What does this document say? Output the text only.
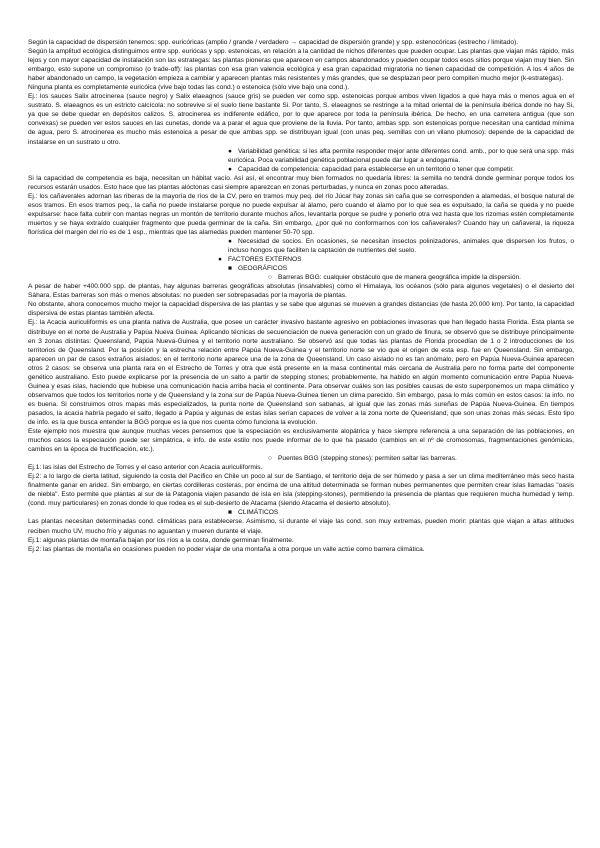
Según la capacidad de dispersión tenemos: spp. euricóricas (amplio / grande / verdadero → capacidad de dispersión grande) y spp. estenocóricas (estrecho / limitado).

Según la amplitud ecológica distinguimos entre spp. euriócas y spp. estenoicas, en relación a la cantidad de nichos diferentes que pueden ocupar. Las plantas que viajan más rápido, más lejos y con mayor capacidad de instalación son las estrategas: las plantas pioneras que aparecen en campos abandonados y pueden ocupar todos esos sitios porque viajan muy bien. Sin embargo, esto supone un compromiso (o trade-off): las plantas con esa gran valencia ecológica y esa gran capacidad migratoria no tienen capacidad de competición. A los 4 años de haber abandonado un campo, la vegetación empieza a cambiar y aparecen plantas más resistentes y más grandes, que se desplazan peor pero compiten mucho mejor (k-estrategas).

Ninguna planta es completamente euricóica (vive bajo todas las cond.) o estenoica (sólo vive bajo una cond.).

Ej.: los sauces Salix atrocinerea (sauce negro) y Salix elaeagnos (sauce gris) se pueden ver como spp. estenoicas porque ambos viven ligados a que haya más o menos agua en el sustrato. S. elaeagnos es un estricto calcícola: no sobrevive si el suelo tiene bastante Si. Por tanto, S. elaeagnos se restringe a la mitad oriental de la península ibérica donde no hay Si, ya que se debe quedar en depósitos calizos. S. atrocinerea es indiferente edáfico, por lo que aparece por toda la península ibérica. De hecho, en una carretera antigua (que son convexas) se pueden ver estos sauces en las cunetas, donde va a parar el agua que proviene de la lluvia. Por tanto, ambas spp. son estenoicas porque necesitan una cantidad mínima de agua, pero S. atrocinerea es mucho más estenoica a pesar de que ambas spp. se distribuyan igual (con unas peq. semillas con un vilano plumoso): depende de la capacidad de instalarse en un sustrato u otro.

● Variabilidad genética: si les afta permite responder mejor ante diferentes cond. amb., por lo que será una spp. más euricóica. Poca variabilidad genética poblacional puede dar lugar a endogamia.

● Capacidad de competencia: capacidad para establecerse en un territorio o tener que competir.

Si la capacidad de competencia es baja, necesitan un hábitat vacío. Así así, el encontrar muy bien formados no quedaría libres: la semilla no tendrá donde germinar porque todos los recursos estarán usados. Esto hace que las plantas alóctonas casi siempre aparezcan en zonas perturbadas, y nunca en zonas poco alteradas.

Ej.: los cañaverales adornan las riberas de la mayoría de ríos de la CV, pero en tramos muy peq. del río Júcar hay zonas sin caña que se corresponden a alamedas, el bosque natural de esos tramos. En esos tramos peq., la caña no puede instalarse porque no puede expulsar al álamo, pero cuando el álamo por lo que sea es expulsado, la caña se queda y no puede expulsarse: hace falta cubrir con mantas negras un montón de territorio durante muchos años, levantarla porque se pudre y ponerlo otra vez hasta que los rizomas estén completamente muertos y se haya extraído cualquier fragmento que pueda germinar de la caña. Sin embargo, ¿por qué no conformarnos con los cañaverales? Cuando hay un cañaveral, la riqueza florística del margen del río es de 1 esp., mientras que las alamedas pueden mantener 50-70 spp.

● Necesidad de socios. En ocasiones, se necesitan insectos polinizadores, animales que dispersen los frutos, o incluso hongos que faciliten la captación de nutrientes del suelo.

● FACTORES EXTERNOS

■ GEOGRÁFICOS

○ Barreras BGG: cualquier obstáculo que de manera geográfica impide la dispersión.

A pesar de haber +400.000 spp. de plantas, hay algunas barreras geográficas absolutas (insalvables) como el Himalaya, los océanos (sólo para algunos vegetales) o el desierto del Sáhara. Estas barreras son más o menos absolutas: no pueden ser sobrepasadas por la mayoría de plantas.

No obstante, ahora conocemos mucho mejor la capacidad dispersiva de las plantas y se sabe que algunas se mueven a grandes distancias (de hasta 20.000 km). Por tanto, la capacidad dispersiva de estas plantas también afecta.

Ej.: la Acacia auriculiformis es una planta nativa de Australia, que posee un carácter invasivo bastante agresivo en poblaciones invasoras que han llegado hasta Florida. Esta planta se distribuye en el norte de Australia y Papúa Nueva Guinea. Aplicando técnicas de secuenciación de nueva generación con un grado de finura, se observó que se distribuye principalmente en 3 zonas distintas: Queensland, Papúa Nueva-Guinea y el territorio norte australiano. Se observó así que todas las plantas de Florida procedían de 1 o 2 introducciones de los territorios de Queensland. Por la posición y la estrecha relación entre Papúa Nueva-Guinea y el territorio norte se vio que el origen de esta esp. fue en Queensland. Sin embargo, aparecen un par de casos extraños aislados: en el territorio norte aparece una de la zona de Queensland. Un caso aislado no es tan anómalo, pero en Papúa Nueva-Guinea aparecen otros 2 casos: se observa una planta rara en el Estrecho de Torres y otra que está presente en la masa continental más cercana de Australia pero no forma parte del componente genético australiano. Esto puede explicarse por la presencia de un salto a partir de stepping stones; probablemente, ha habido en algún momento comunicación entre Papúa Nueva-Guinea y esas islas, haciendo que hubiese una comunicación hacia arriba hacia el continente. Para observar cuáles son las posibles causas de esto superponemos un mapa climático y observamos que todos los territorios norte y de Queensland y la zona sur de Papúa Nueva-Guinea tienen un clima parecido. Sin embargo, pasa lo más común en estos casos: la info. no es buena. Si construimos otros mapas más especializados, la punta norte de Queensland son sabanas, al igual que las zonas más sureñas de Papúa Nueva-Guinea. En tiempos pasados, la acacia habría pegado el salto, llegado a Papúa y algunas de estas islas serían capaces de volver a la zona norte de Queensland, que son unas zonas más secas. Esto tipo de info. es la que busca entender la BGG porque es la que nos cuenta cómo funciona la evolución.

Este ejemplo nos muestra que aunque muchas veces pensemos que la especiación es exclusivamente alopátrica y hace siempre referencia a una separación de las poblaciones, en muchos casos la especiación puede ser simpátrica, e info. de este estilo nos puede informar de lo que ha pasado (cambios en el nº de cromosomas, fragmentaciones genómicas, cambios en la época de fructificación, etc.).

○ Puentes BGG (stepping stones): permiten saltar las barreras.

Ej.1: las islas del Estrecho de Torres y el caso anterior con Acacia auriculiformis.

Ej.2: a lo largo de cierta latitud, siguiendo la costa del Pacífico en Chile un poco al sur de Santiago, el territorio deja de ser húmedo y pasa a ser un clima mediterráneo más seco hasta finalmente ganar en aridez. Sin embargo, en ciertas cordilleras costeras, por encima de una altitud determinada se forman nubes permanentes que permiten crear islas llamadas "oasis de niebla". Esto permite que plantas al sur de la Patagonia viajen pasando de isla en isla (stepping-stones), permitiendo la presencia de plantas que requieren mucha humedad y temp. (cond. muy particulares) en zonas donde lo que rodea es el sub-desierto de Atacama (siendo Atacama el desierto absoluto).

■ CLIMÁTICOS

Las plantas necesitan determinadas cond. climáticas para establecerse. Asimismo, si durante el viaje las cond. son muy extremas, pueden morir: plantas que viajan a altas altitudes reciben mucho UV, mucho frío y algunas no aguantan y mueren durante el viaje.

Ej.1: algunas plantas de montaña bajan por los ríos a la costa, donde germinan finalmente.

Ej.2: las plantas de montaña en ocasiones pueden no poder viajar de una montaña a otra porque un valle actúe como barrera climática.
